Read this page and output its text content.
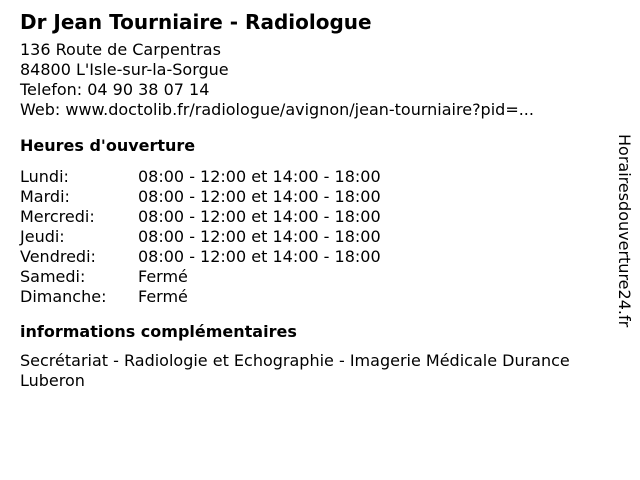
Dr Jean Tourniaire - Radiologue
136 Route de Carpentras
84800 L'Isle-sur-la-Sorgue
Telefon: 04 90 38 07 14
Web: www.doctolib.fr/radiologue/avignon/jean-tourniaire?pid=...
Heures d'ouverture
Lundi:	08:00 - 12:00 et 14:00 - 18:00
Mardi:	08:00 - 12:00 et 14:00 - 18:00
Mercredi:	08:00 - 12:00 et 14:00 - 18:00
Jeudi:	08:00 - 12:00 et 14:00 - 18:00
Vendredi:	08:00 - 12:00 et 14:00 - 18:00
Samedi:	Fermé
Dimanche:	Fermé
informations complémentaires
Secrétariat - Radiologie et Echographie - Imagerie Médicale Durance Luberon
Horairesdouverture24.fr
